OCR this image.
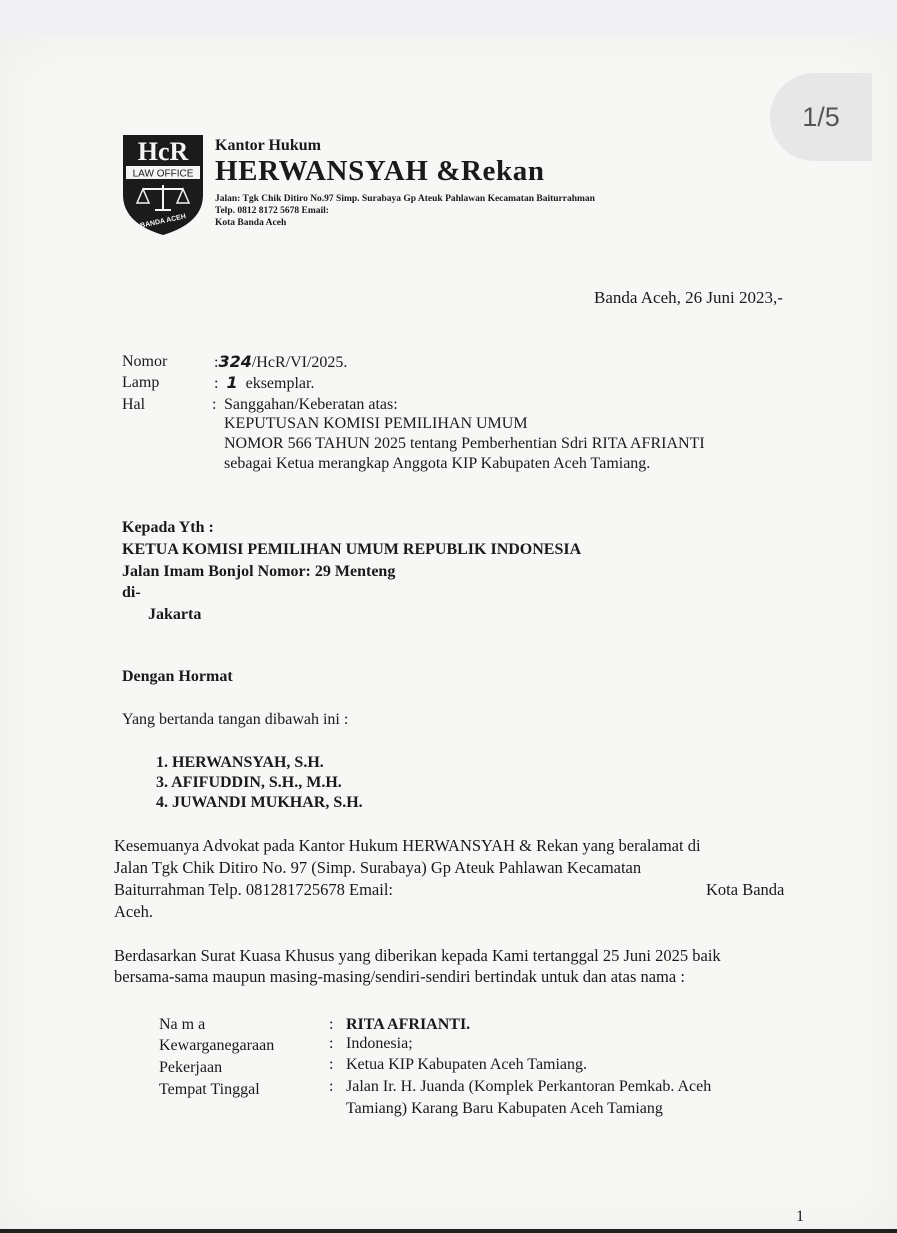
1/5
HcR
LAW OFFICE
BANDA ACEH
Kantor Hukum
HERWANSYAH &Rekan
Jalan: Tgk Chik Ditiro No.97 Simp. Surabaya Gp Ateuk Pahlawan Kecamatan Baiturrahman
Telp. 0812 8172 5678 Email:
Kota Banda Aceh
Banda Aceh, 26 Juni 2023,-
Nomor	:324/HcR/VI/2025.
Lamp	:  1 eksemplar.
Hal	: Sanggahan/Keberatan atas:
KEPUTUSAN KOMISI PEMILIHAN UMUM
NOMOR 566 TAHUN 2025 tentang Pemberhentian Sdri RITA AFRIANTI
sebagai Ketua merangkap Anggota KIP Kabupaten Aceh Tamiang.
Kepada Yth :
KETUA KOMISI PEMILIHAN UMUM REPUBLIK INDONESIA
Jalan Imam Bonjol Nomor: 29 Menteng
di-
Jakarta
Dengan Hormat
Yang bertanda tangan dibawah ini :
1. HERWANSYAH, S.H.
3. AFIFUDDIN, S.H., M.H.
4. JUWANDI MUKHAR, S.H.
Kesemuanya Advokat pada Kantor Hukum HERWANSYAH & Rekan yang beralamat di
Jalan Tgk Chik Ditiro No. 97 (Simp. Surabaya) Gp Ateuk Pahlawan Kecamatan
Baiturrahman Telp. 081281725678 Email:	Kota Banda
Aceh.
Berdasarkan Surat Kuasa Khusus yang diberikan kepada Kami tertanggal 25 Juni 2025 baik
bersama-sama maupun masing-masing/sendiri-sendiri bertindak untuk dan atas nama :
Na m a	: RITA AFRIANTI.
Kewarganegaraan	: Indonesia;
Pekerjaan	: Ketua KIP Kabupaten Aceh Tamiang.
Tempat Tinggal	: Jalan Ir. H. Juanda (Komplek Perkantoran Pemkab. Aceh
Tamiang) Karang Baru Kabupaten Aceh Tamiang
1
